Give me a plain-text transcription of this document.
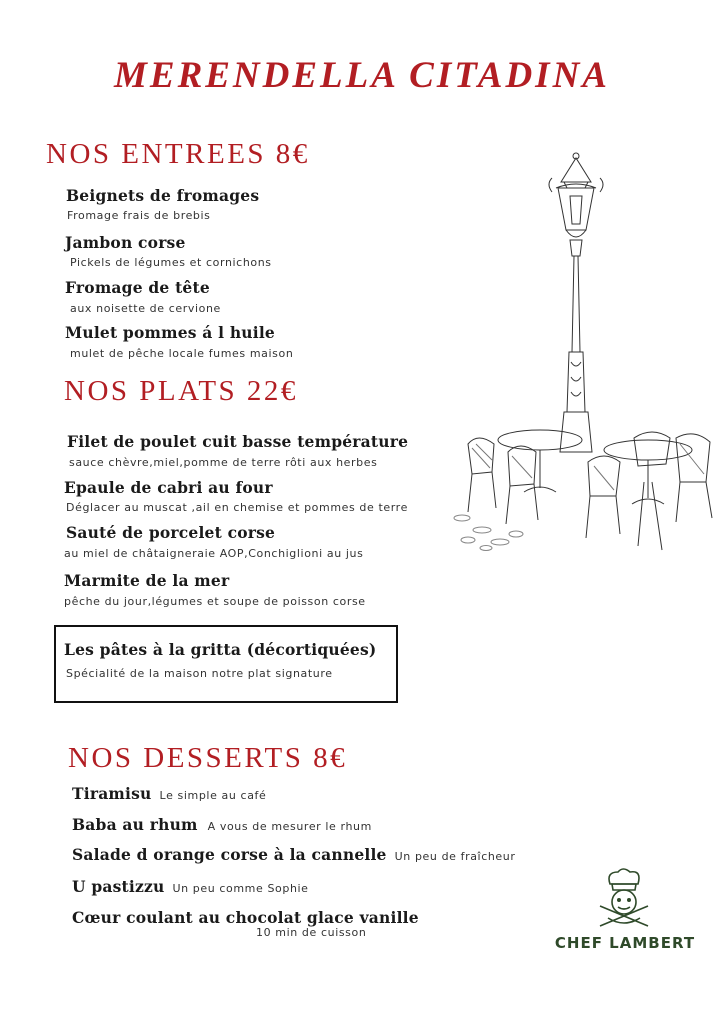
MERENDELLA CITADINA
NOS ENTREES 8€
Beignets de fromages
Fromage frais de brebis
Jambon corse
Pickels de légumes et cornichons
Fromage de tête
aux noisette de cervione
Mulet pommes á l huile
mulet de pêche locale fumes maison
NOS PLATS 22€
Filet de poulet cuit basse température
sauce chèvre,miel,pomme de terre rôti aux herbes
Epaule de cabri au four
Déglacer au muscat ,ail en chemise et pommes de terre
Sauté de porcelet corse
au miel de châtaigneraie AOP,Conchiglioni au jus
Marmite de la mer
pêche du jour,légumes et soupe de poisson corse
Les pâtes à la gritta (décortiquées)
Spécialité de la maison notre plat signature
NOS DESSERTS 8€
Tiramisu Le simple au café
Baba au rhum A vous de mesurer le rhum
Salade d orange corse à la cannelle Un peu de fraîcheur
U pastizzu Un peu comme Sophie
Cœur coulant au chocolat glace vanille
10 min de cuisson
CHEF LAMBERT
